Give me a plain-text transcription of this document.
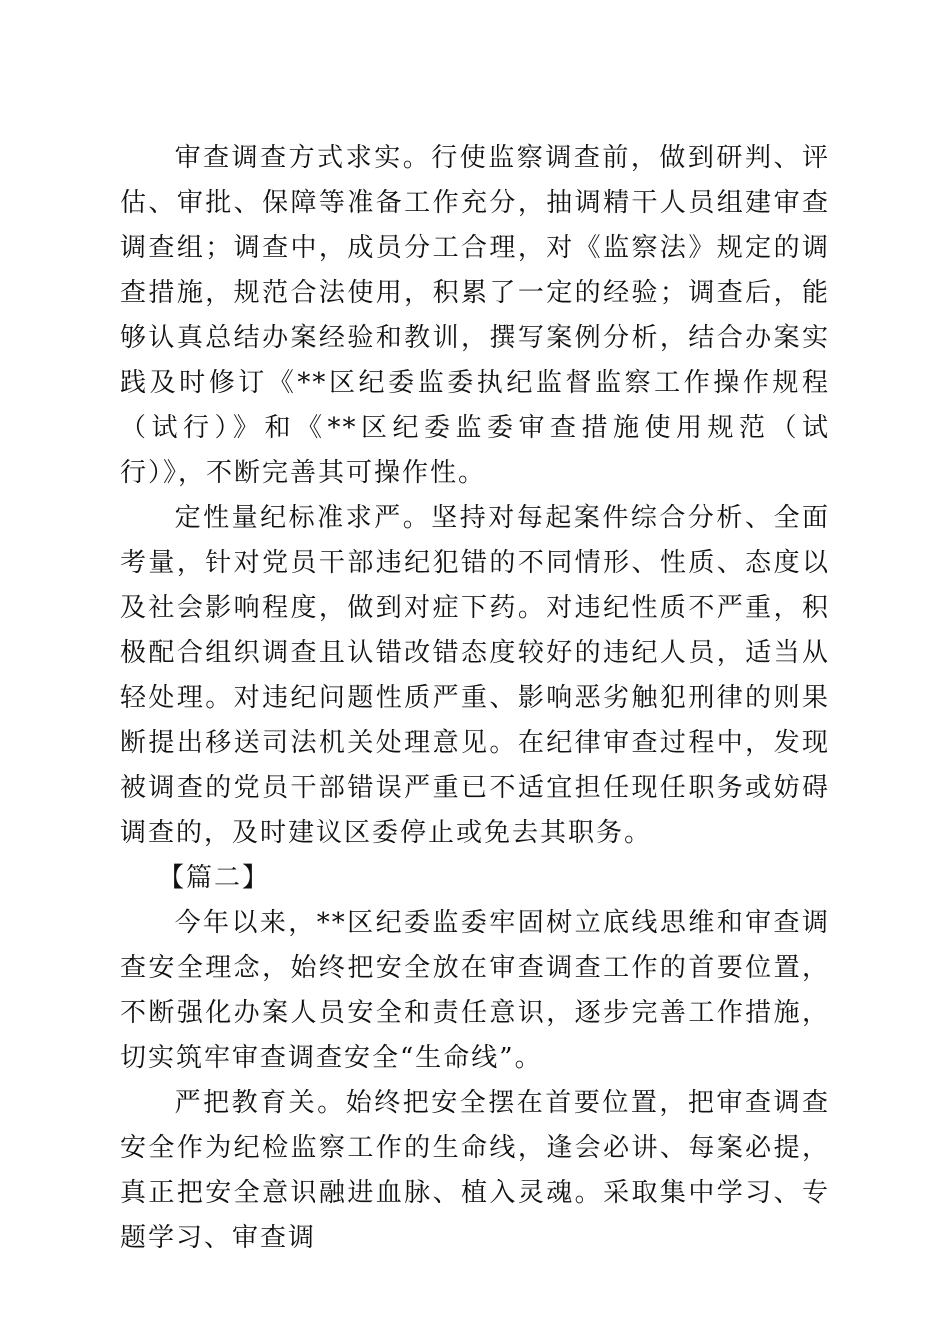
审查调查方式求实。行使监察调查前，做到研判、评估、审批、保障等准备工作充分，抽调精干人员组建审查调查组；调查中，成员分工合理，对《监察法》规定的调查措施，规范合法使用，积累了一定的经验；调查后，能够认真总结办案经验和教训，撰写案例分析，结合办案实践及时修订《**区纪委监委执纪监督监察工作操作规程（试行）》和《**区纪委监委审查措施使用规范（试行）》，不断完善其可操作性。

定性量纪标准求严。坚持对每起案件综合分析、全面考量，针对党员干部违纪犯错的不同情形、性质、态度以及社会影响程度，做到对症下药。对违纪性质不严重，积极配合组织调查且认错改错态度较好的违纪人员，适当从轻处理。对违纪问题性质严重、影响恶劣触犯刑律的则果断提出移送司法机关处理意见。在纪律审查过程中，发现被调查的党员干部错误严重已不适宜担任现任职务或妨碍调查的，及时建议区委停止或免去其职务。

【篇二】

今年以来，**区纪委监委牢固树立底线思维和审查调查安全理念，始终把安全放在审查调查工作的首要位置，不断强化办案人员安全和责任意识，逐步完善工作措施，切实筑牢审查调查安全“生命线”。

严把教育关。始终把安全摆在首要位置，把审查调查安全作为纪检监察工作的生命线，逢会必讲、每案必提，真正把安全意识融进血脉、植入灵魂。采取集中学习、专题学习、审查调
